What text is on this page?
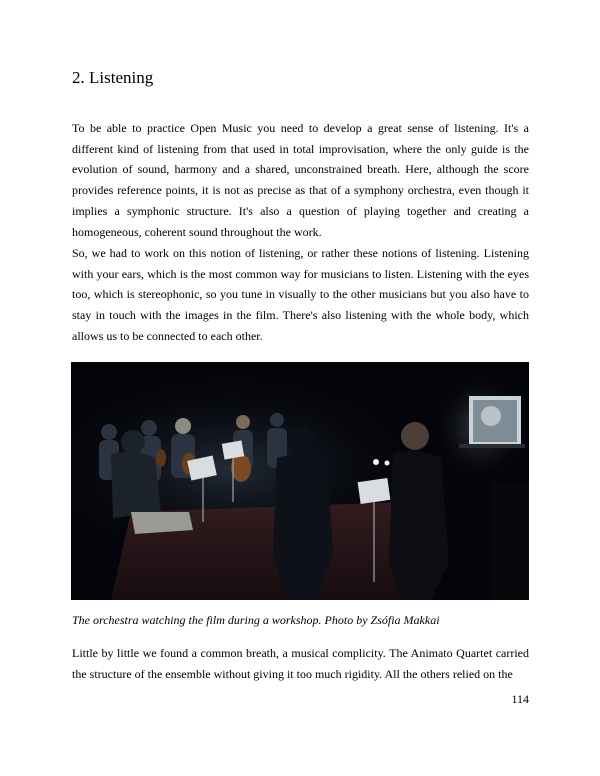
2. Listening

To be able to practice Open Music you need to develop a great sense of listening. It's a different kind of listening from that used in total improvisation, where the only guide is the evolution of sound, harmony and a shared, unconstrained breath. Here, although the score provides reference points, it is not as precise as that of a symphony orchestra, even though it implies a symphonic structure. It's also a question of playing together and creating a homogeneous, coherent sound throughout the work.

So, we had to work on this notion of listening, or rather these notions of listening. Listening with your ears, which is the most common way for musicians to listen. Listening with the eyes too, which is stereophonic, so you tune in visually to the other musicians but you also have to stay in touch with the images in the film. There's also listening with the whole body, which allows us to be connected to each other.

The orchestra watching the film during a workshop. Photo by Zsófia Makkai

Little by little we found a common breath, a musical complicity. The Animato Quartet carried the structure of the ensemble without giving it too much rigidity. All the others relied on the

114
